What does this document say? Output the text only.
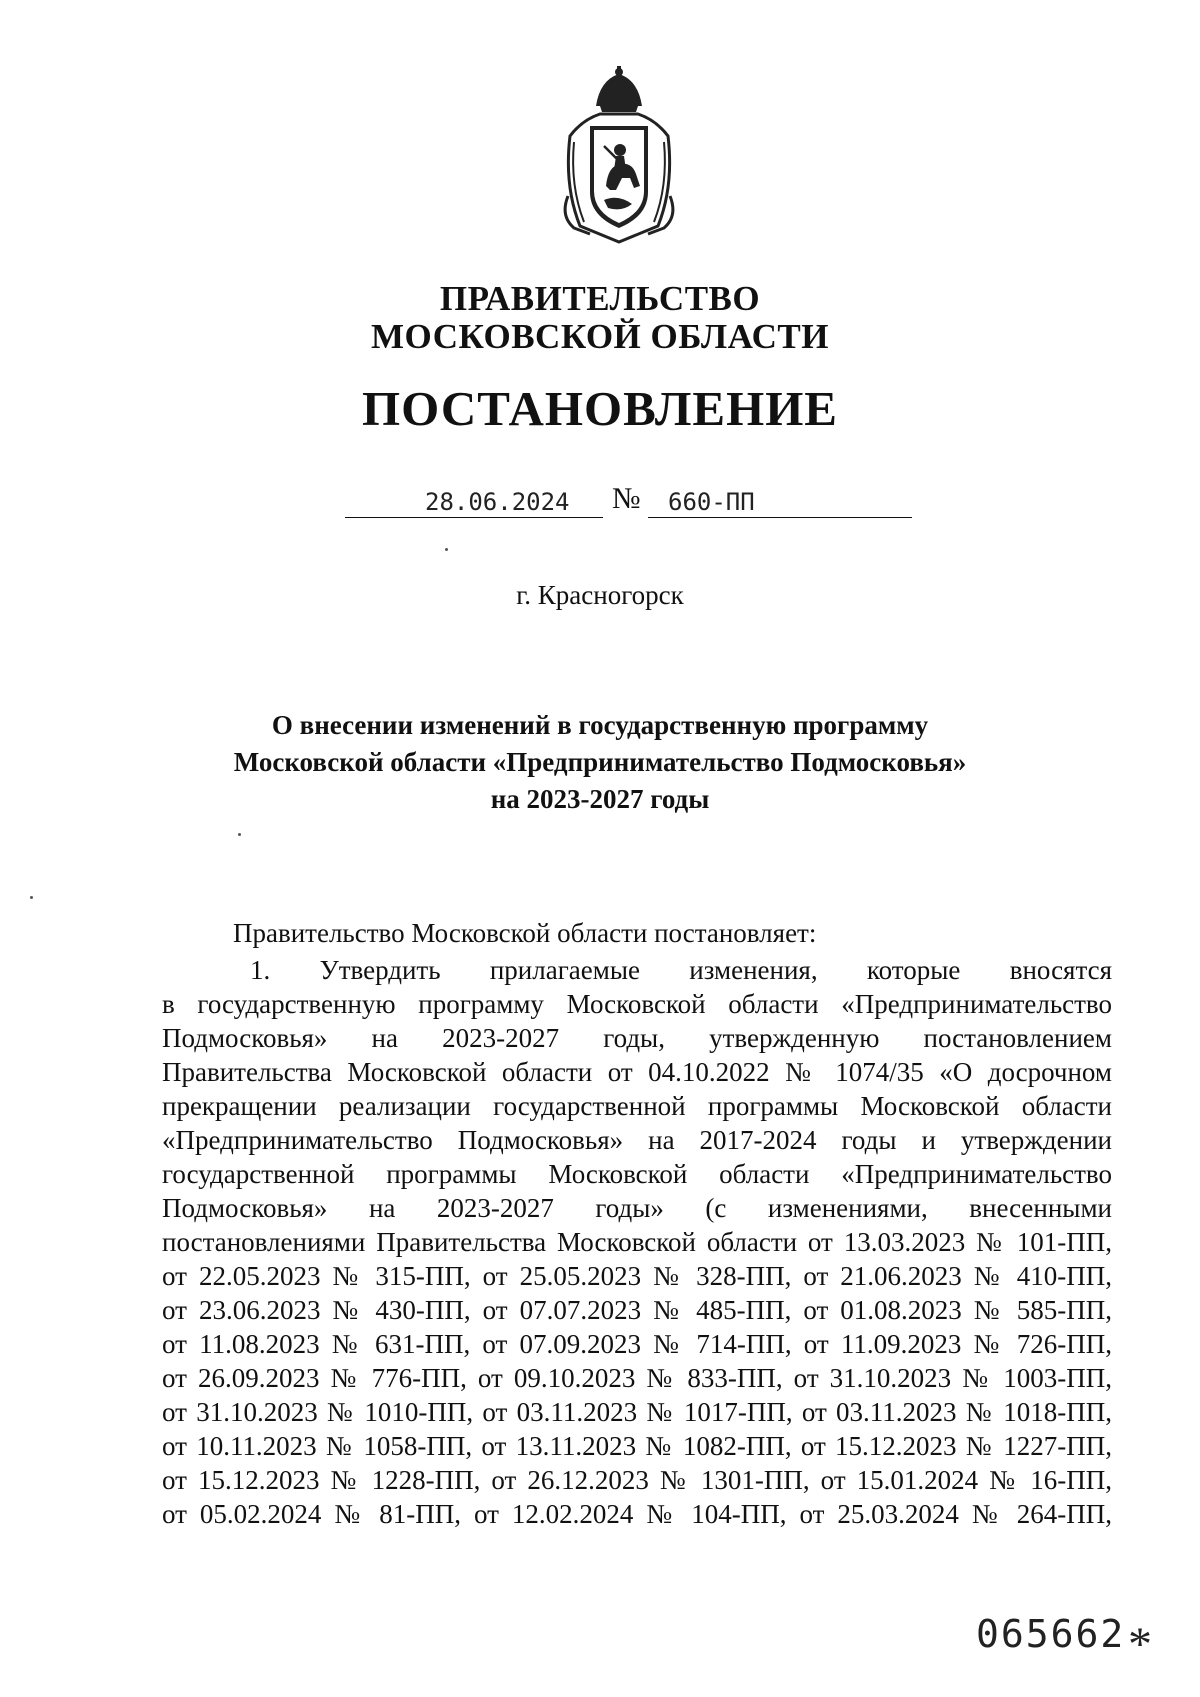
ПРАВИТЕЛЬСТВО
МОСКОВСКОЙ ОБЛАСТИ
ПОСТАНОВЛЕНИЕ
28.06.2024 № 660-ПП
г. Красногорск
О внесении изменений в государственную программу
Московской области «Предпринимательство Подмосковья»
на 2023-2027 годы
Правительство Московской области постановляет:
1. Утвердить прилагаемые изменения, которые вносятся
в государственную программу Московской области «Предпринимательство
Подмосковья» на 2023-2027 годы, утвержденную постановлением
Правительства Московской области от 04.10.2022 № 1074/35 «О досрочном
прекращении реализации государственной программы Московской области
«Предпринимательство Подмосковья» на 2017-2024 годы и утверждении
государственной программы Московской области «Предпринимательство
Подмосковья» на 2023-2027 годы» (с изменениями, внесенными
постановлениями Правительства Московской области от 13.03.2023 № 101-ПП,
от 22.05.2023 № 315-ПП, от 25.05.2023 № 328-ПП, от 21.06.2023 № 410-ПП,
от 23.06.2023 № 430-ПП, от 07.07.2023 № 485-ПП, от 01.08.2023 № 585-ПП,
от 11.08.2023 № 631-ПП, от 07.09.2023 № 714-ПП, от 11.09.2023 № 726-ПП,
от 26.09.2023 № 776-ПП, от 09.10.2023 № 833-ПП, от 31.10.2023 № 1003-ПП,
от 31.10.2023 № 1010-ПП, от 03.11.2023 № 1017-ПП, от 03.11.2023 № 1018-ПП,
от 10.11.2023 № 1058-ПП, от 13.11.2023 № 1082-ПП, от 15.12.2023 № 1227-ПП,
от 15.12.2023 № 1228-ПП, от 26.12.2023 № 1301-ПП, от 15.01.2024 № 16-ПП,
от 05.02.2024 № 81-ПП, от 12.02.2024 № 104-ПП, от 25.03.2024 № 264-ПП,
065662 *
